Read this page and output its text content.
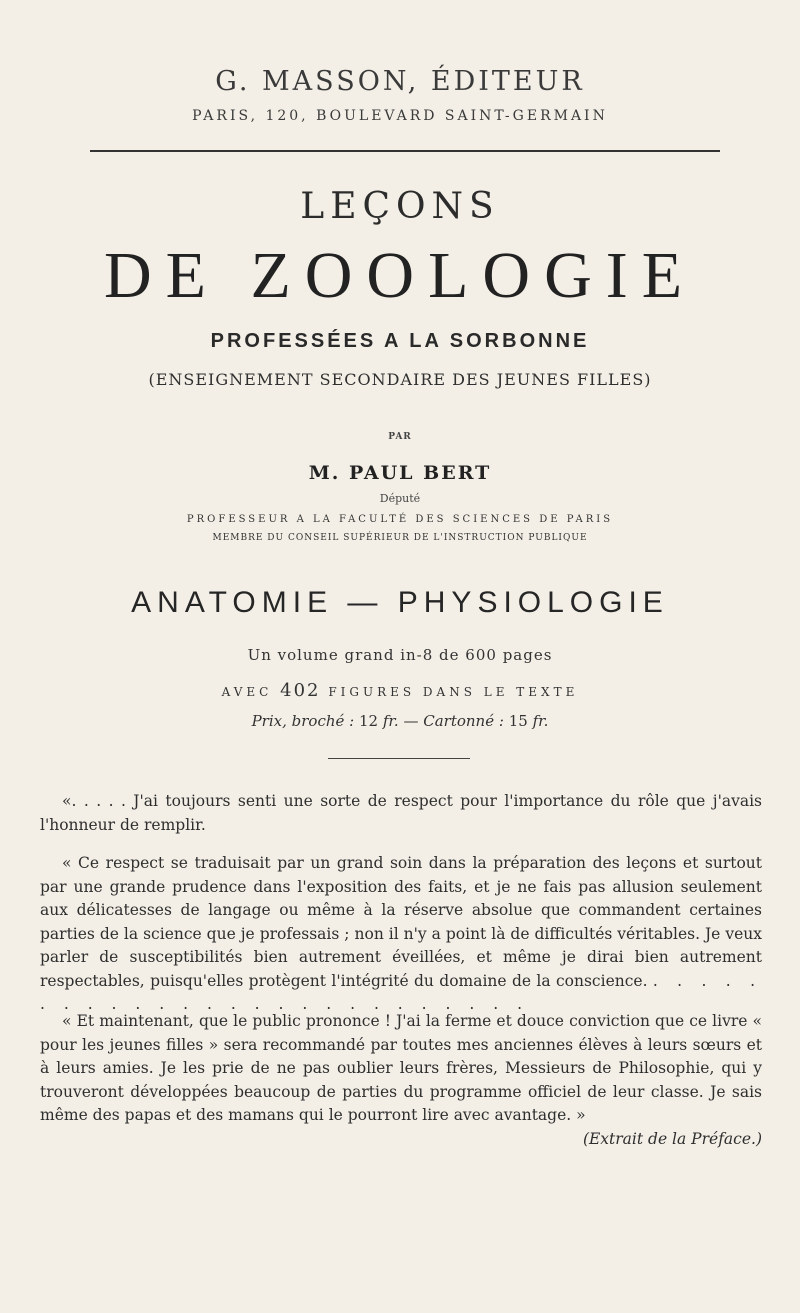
G. MASSON, ÉDITEUR
PARIS, 120, BOULEVARD SAINT-GERMAIN
LEÇONS
DE ZOOLOGIE
PROFESSÉES A LA SORBONNE
(ENSEIGNEMENT SECONDAIRE DES JEUNES FILLES)
PAR
M. PAUL BERT
Député
PROFESSEUR A LA FACULTÉ DES SCIENCES DE PARIS
MEMBRE DU CONSEIL SUPÉRIEUR DE L'INSTRUCTION PUBLIQUE
ANATOMIE — PHYSIOLOGIE
Un volume grand in-8 de 600 pages
AVEC 402 FIGURES DANS LE TEXTE
Prix, broché : 12 fr. — Cartonné : 15 fr.
«. . . . . J'ai toujours senti une sorte de respect pour l'importance du rôle que j'avais l'honneur de remplir.
« Ce respect se traduisait par un grand soin dans la préparation des leçons et surtout par une grande prudence dans l'exposition des faits, et je ne fais pas allusion seulement aux délicatesses de langage ou même à la réserve absolue que commandent certaines parties de la science que je professais ; non il n'y a point là de difficultés véritables. Je veux parler de susceptibilités bien autrement éveillées, et même je dirai bien autrement respectables, puisqu'elles protègent l'intégrité du domaine de la conscience. . . . . . . . . . . . . . . . . . . . . . . . . . .
« Et maintenant, que le public prononce ! J'ai la ferme et douce conviction que ce livre « pour les jeunes filles » sera recommandé par toutes mes anciennes élèves à leurs sœurs et à leurs amies. Je les prie de ne pas oublier leurs frères, Messieurs de Philosophie, qui y trouveront développées beaucoup de parties du programme officiel de leur classe. Je sais même des papas et des mamans qui le pourront lire avec avantage. »
(Extrait de la Préface.)
